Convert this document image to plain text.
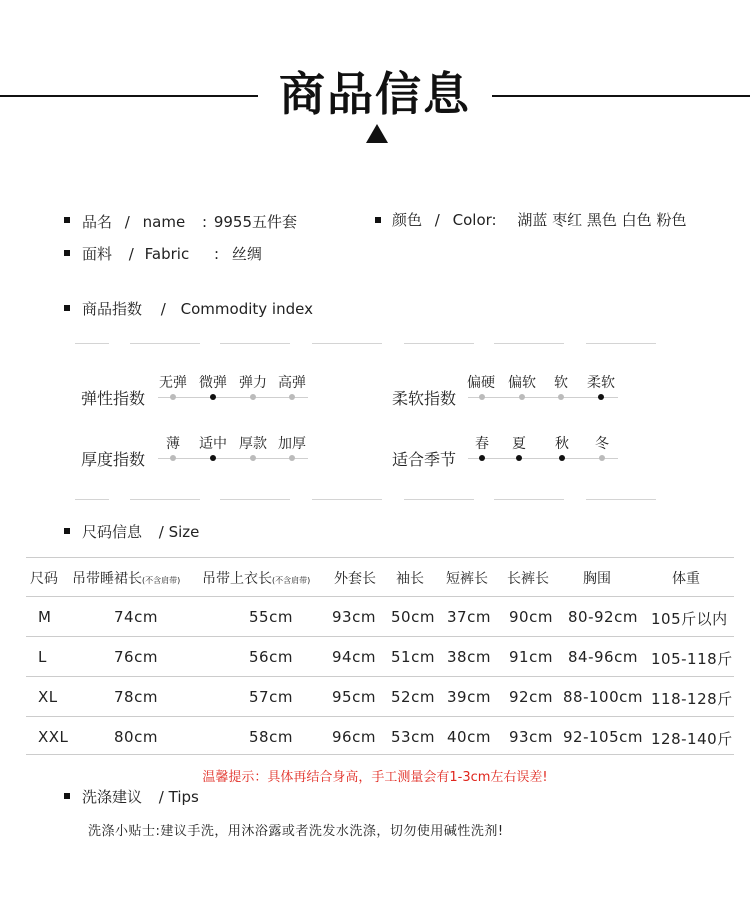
商品信息
品名 / name : 9955五件套	颜色 / Color: 湖蓝 枣红 黑色 白色 粉色
面料 / Fabric : 丝绸
商品指数 / Commodity index
弹性指数
无弹 微弹 弹力 高弹
柔软指数
偏硬 偏软	软	柔软
厚度指数
薄	适中 厚款 加厚
适合季节
春	夏	秋	冬
尺码信息 / Size
尺码 吊带睡裙长(不含肩带) 吊带上衣长(不含肩带) 外套长 袖长 短裤长 长裤长 胸围	体重
M	74cm	55cm	93cm 50cm 37cm 90cm 80-92cm 105斤以内
L	76cm	56cm	94cm 51cm 38cm 91cm 84-96cm 105-118斤
XL	78cm	57cm	95cm 52cm 39cm 92cm 88-100cm 118-128斤
XXL	80cm	58cm	96cm 53cm 40cm 93cm 92-105cm 128-140斤
温馨提示：具体再结合身高，手工测量会有1-3cm左右误差!
洗涤建议 / Tips
洗涤小贴士:建议手洗，用沐浴露或者洗发水洗涤，切勿使用碱性洗剂!
